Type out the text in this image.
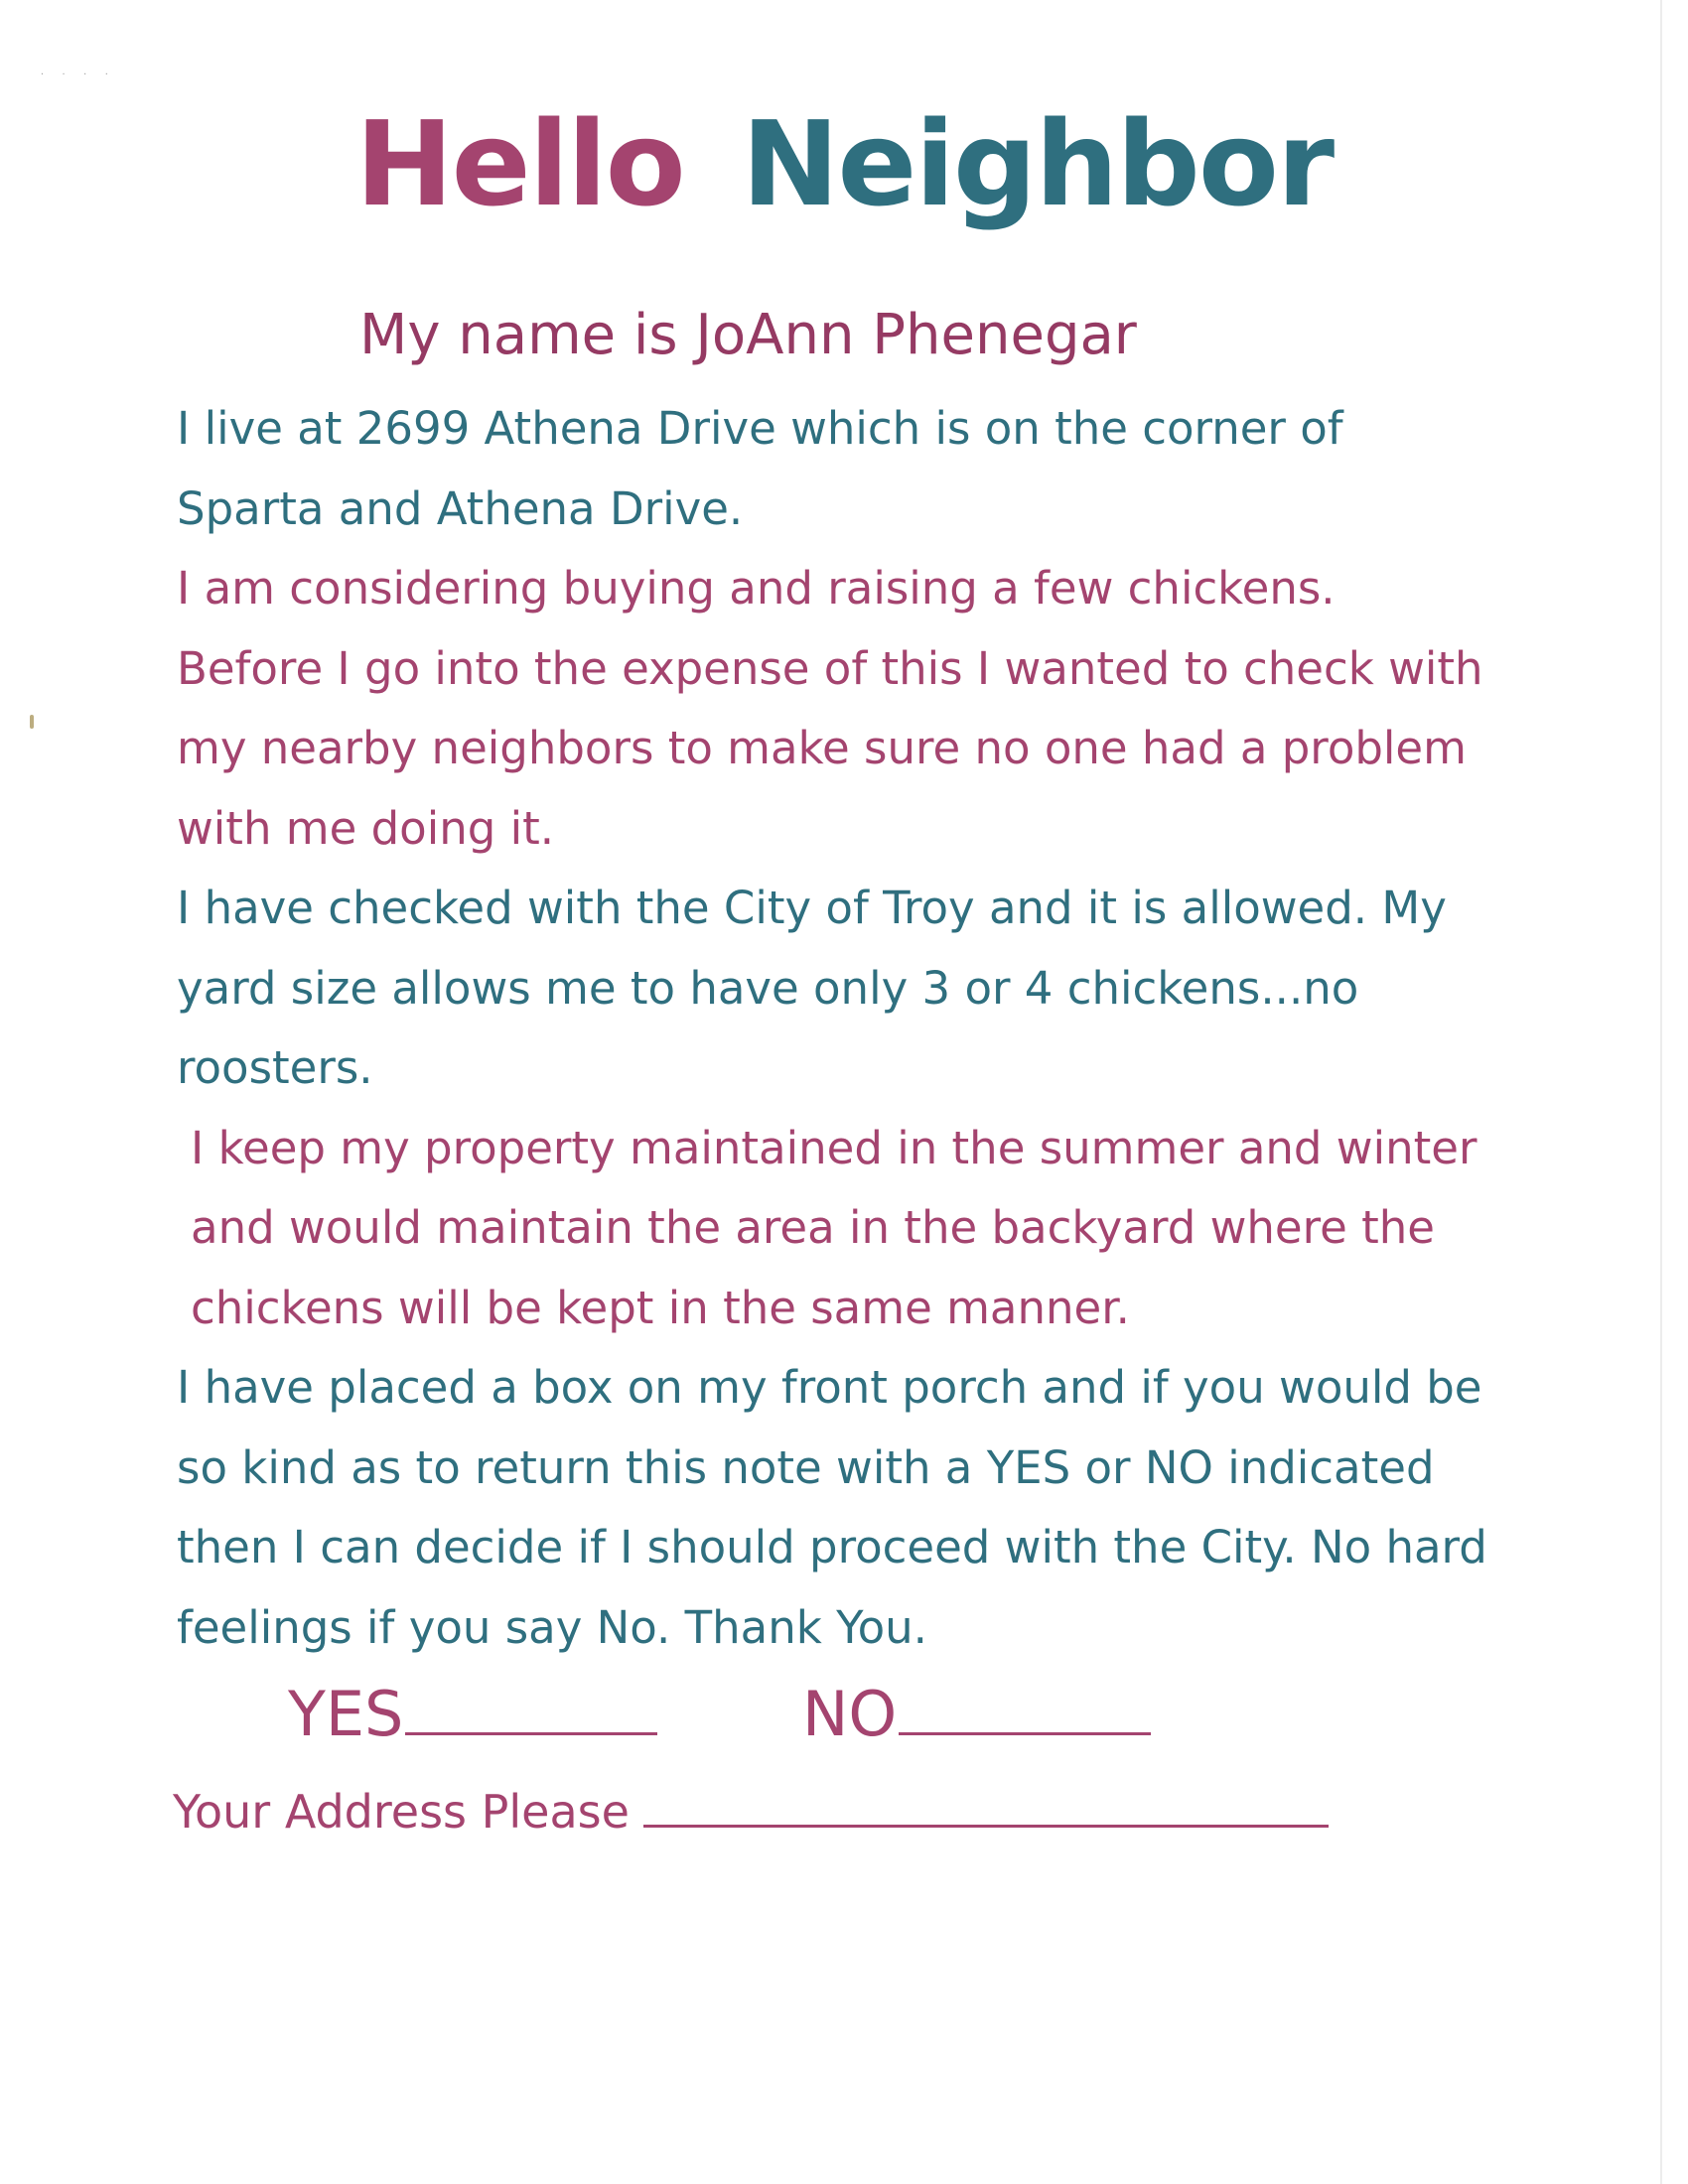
· · · ·
Hello Neighbor

My name is JoAnn Phenegar

I live at 2699 Athena Drive which is on the corner of Sparta and Athena Drive.

I am considering buying and raising a few chickens. Before I go into the expense of this I wanted to check with my nearby neighbors to make sure no one had a problem with me doing it.

I have checked with the City of Troy and it is allowed. My yard size allows me to have only 3 or 4 chickens...no roosters.

I keep my property maintained in the summer and winter and would maintain the area in the backyard where the chickens will be kept in the same manner.

I have placed a box on my front porch and if you would be so kind as to return this note with a YES or NO indicated then I can decide if I should proceed with the City. No hard feelings if you say No. Thank You.

YES	NO
Your Address Please
